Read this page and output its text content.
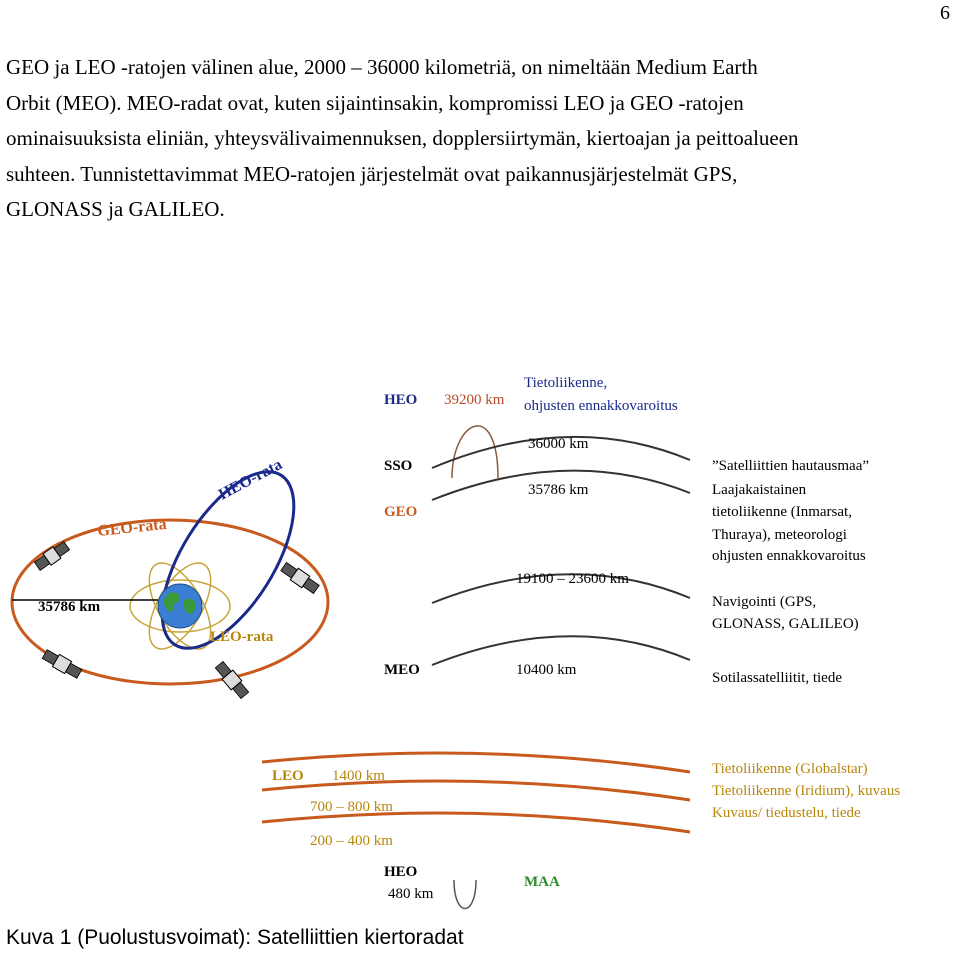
6

GEO ja LEO -ratojen välinen alue, 2000 – 36000 kilometriä, on nimeltään Medium Earth
Orbit (MEO). MEO-radat ovat, kuten sijaintinsakin, kompromissi LEO ja GEO -ratojen
ominaisuuksista eliniän, yhteysvälivaimennuksen, dopplersiirtymän, kiertoajan ja peittoalueen
suhteen. Tunnistettavimmat MEO-ratojen järjestelmät ovat paikannusjärjestelmät GPS,
GLONASS ja GALILEO.

35786 km
GEO-rata
HEO-rata
LEO-rata
HEO
SSO
GEO
MEO
LEO
HEO
MAA
39200 km
36000 km
35786 km
19100 – 23600 km
10400 km
1400 km
700 – 800 km
200 – 400 km
480 km
Tietoliikenne,
ohjusten ennakkovaroitus
”Satelliittien hautausmaa”
Laajakaistainen
tietoliikenne (Inmarsat,
Thuraya), meteorologi
ohjusten ennakkovaroitus
Navigointi (GPS,
GLONASS, GALILEO)
Sotilassatelliitit, tiede
Tietoliikenne (Globalstar)
Tietoliikenne (Iridium), kuvaus
Kuvaus/ tiedustelu, tiede
Kuva 1 (Puolustusvoimat): Satelliittien kiertoradat
